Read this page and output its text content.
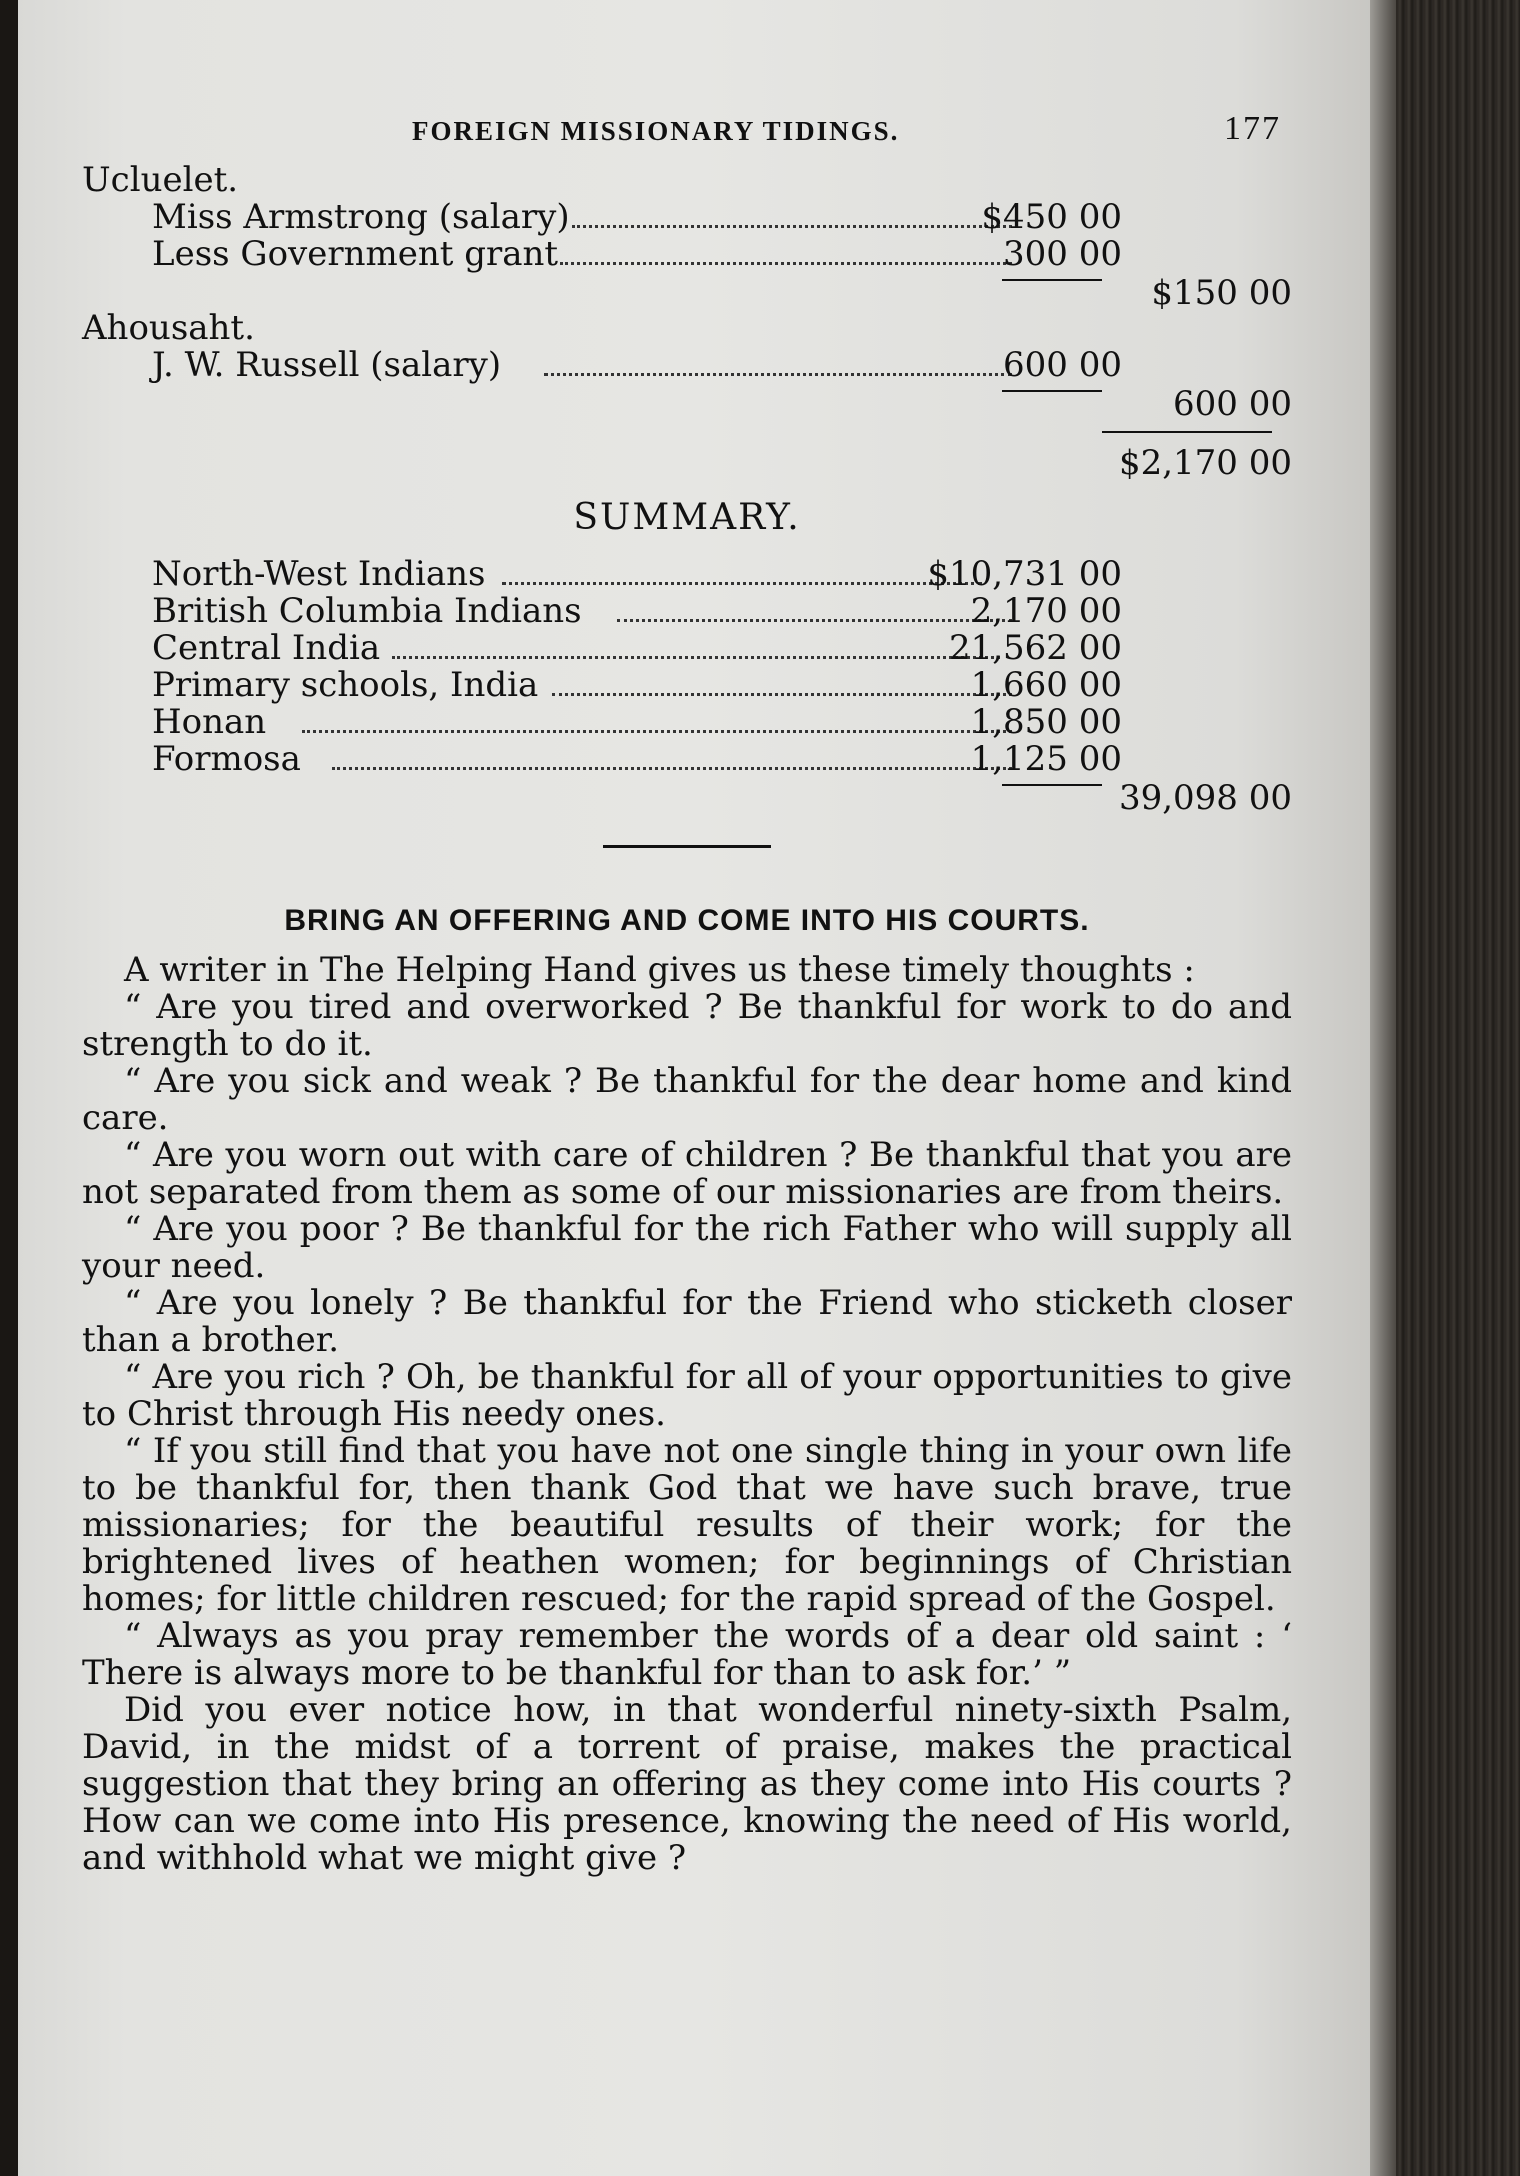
FOREIGN MISSIONARY TIDINGS.	177
Ucluelet.
Miss Armstrong (salary)	$450 00
Less Government grant	300 00
$150 00
Ahousaht.
J. W. Russell (salary)	600 00
600 00
$2,170 00
SUMMARY.
North-West Indians	$10,731 00
British Columbia Indians	2,170 00
Central India	21,562 00
Primary schools, India	1,660 00
Honan	1,850 00
Formosa	1,125 00
39,098 00
BRING AN OFFERING AND COME INTO HIS COURTS.

A writer in The Helping Hand gives us these timely thoughts :

“ Are you tired and overworked ? Be thankful for work to do and strength to do it.

“ Are you sick and weak ? Be thankful for the dear home and kind care.

“ Are you worn out with care of children ? Be thankful that you are not separated from them as some of our missionaries are from theirs.

“ Are you poor ? Be thankful for the rich Father who will supply all your need.

“ Are you lonely ? Be thankful for the Friend who sticketh closer than a brother.

“ Are you rich ? Oh, be thankful for all of your opportunities to give to Christ through His needy ones.

“ If you still find that you have not one single thing in your own life to be thankful for, then thank God that we have such brave, true missionaries; for the beautiful results of their work; for the brightened lives of heathen women; for beginnings of Christian homes; for little children rescued; for the rapid spread of the Gospel.

“ Always as you pray remember the words of a dear old saint : ‘ There is always more to be thankful for than to ask for.’ ”

Did you ever notice how, in that wonderful ninety-sixth Psalm, David, in the midst of a torrent of praise, makes the practical suggestion that they bring an offering as they come into His courts ? How can we come into His presence, knowing the need of His world, and withhold what we might give ?
